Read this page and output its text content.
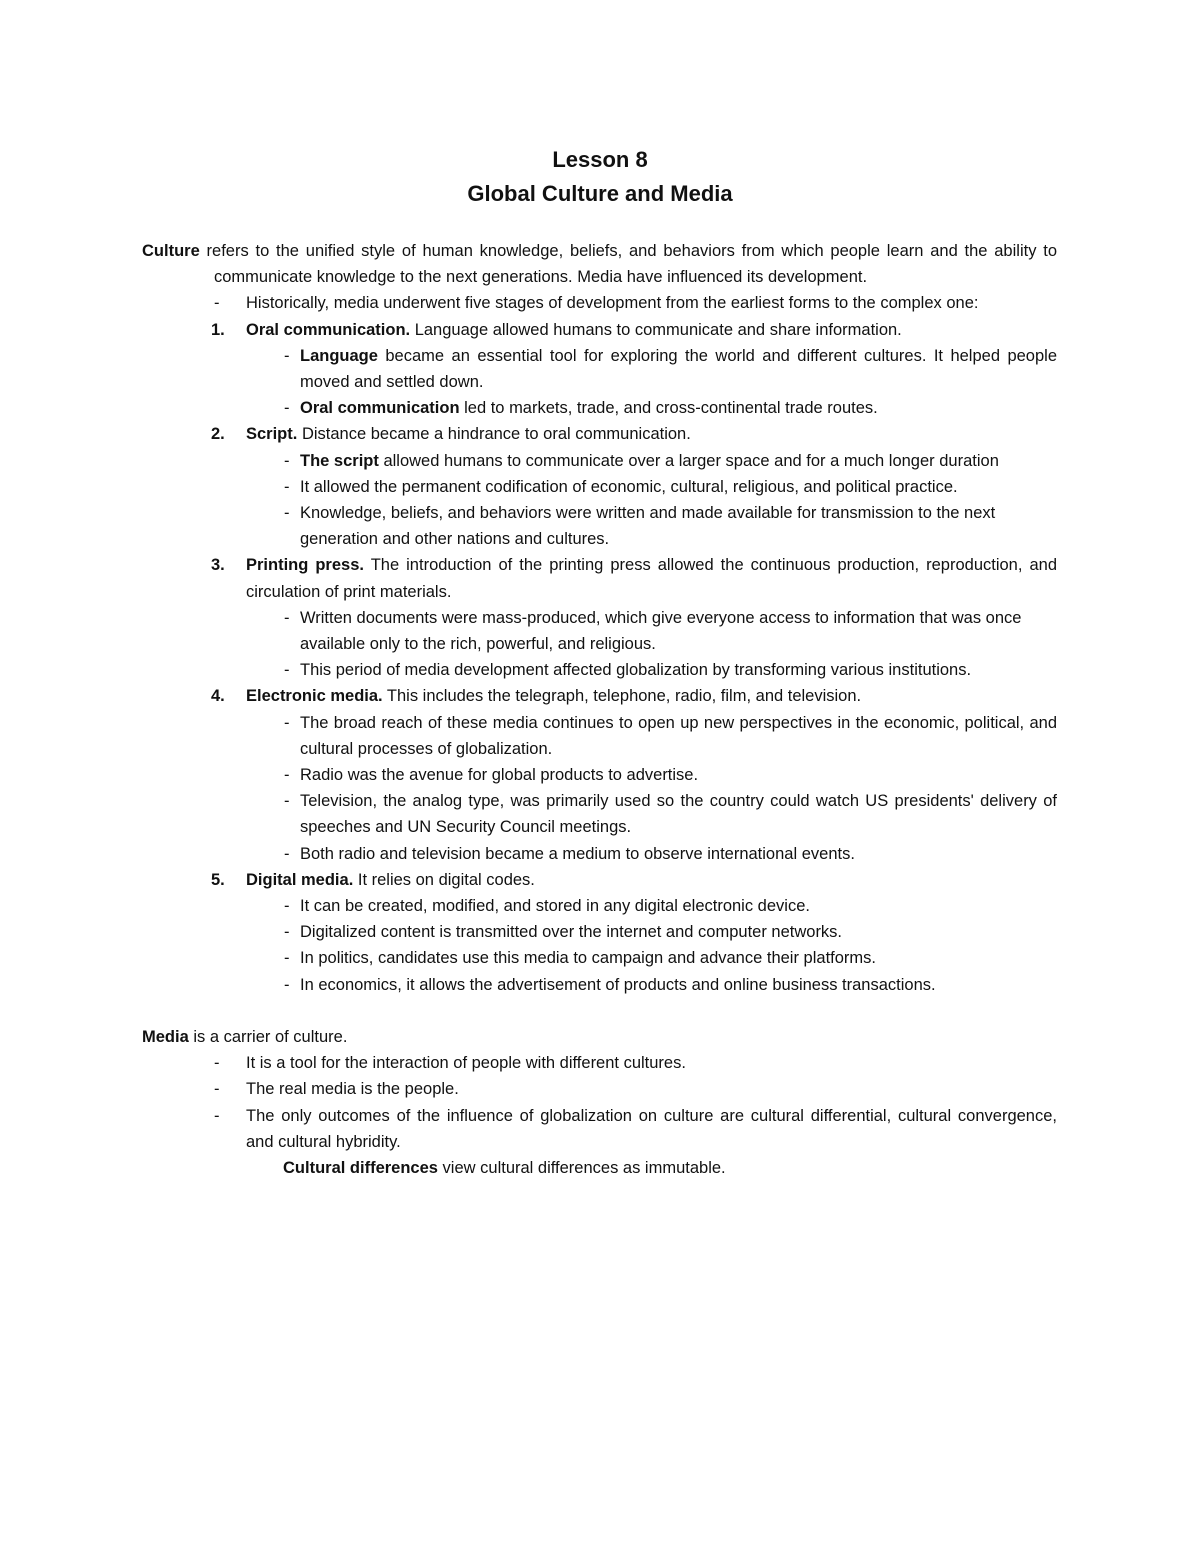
Lesson 8
Global Culture and Media

Culture refers to the unified style of human knowledge, beliefs, and behaviors from which people learn and the ability to communicate knowledge to the next generations. Media have influenced its development.

- Historically, media underwent five stages of development from the earliest forms to the complex one:

1. Oral communication. Language allowed humans to communicate and share information.

- Language became an essential tool for exploring the world and different cultures. It helped people moved and settled down.

- Oral communication led to markets, trade, and cross-continental trade routes.

2. Script. Distance became a hindrance to oral communication.

- The script allowed humans to communicate over a larger space and for a much longer duration

- It allowed the permanent codification of economic, cultural, religious, and political practice.

- Knowledge, beliefs, and behaviors were written and made available for transmission to the next generation and other nations and cultures.

3. Printing press. The introduction of the printing press allowed the continuous production, reproduction, and circulation of print materials.

- Written documents were mass-produced, which give everyone access to information that was once available only to the rich, powerful, and religious.

- This period of media development affected globalization by transforming various institutions.

4. Electronic media. This includes the telegraph, telephone, radio, film, and television.

- The broad reach of these media continues to open up new perspectives in the economic, political, and cultural processes of globalization.

- Radio was the avenue for global products to advertise.

- Television, the analog type, was primarily used so the country could watch US presidents' delivery of speeches and UN Security Council meetings.

- Both radio and television became a medium to observe international events.

5. Digital media. It relies on digital codes.

- It can be created, modified, and stored in any digital electronic device.

- Digitalized content is transmitted over the internet and computer networks.

- In politics, candidates use this media to campaign and advance their platforms.

- In economics, it allows the advertisement of products and online business transactions.

Media is a carrier of culture.

- It is a tool for the interaction of people with different cultures.

- The real media is the people.

- The only outcomes of the influence of globalization on culture are cultural differential, cultural convergence, and cultural hybridity.

Cultural differences view cultural differences as immutable.
